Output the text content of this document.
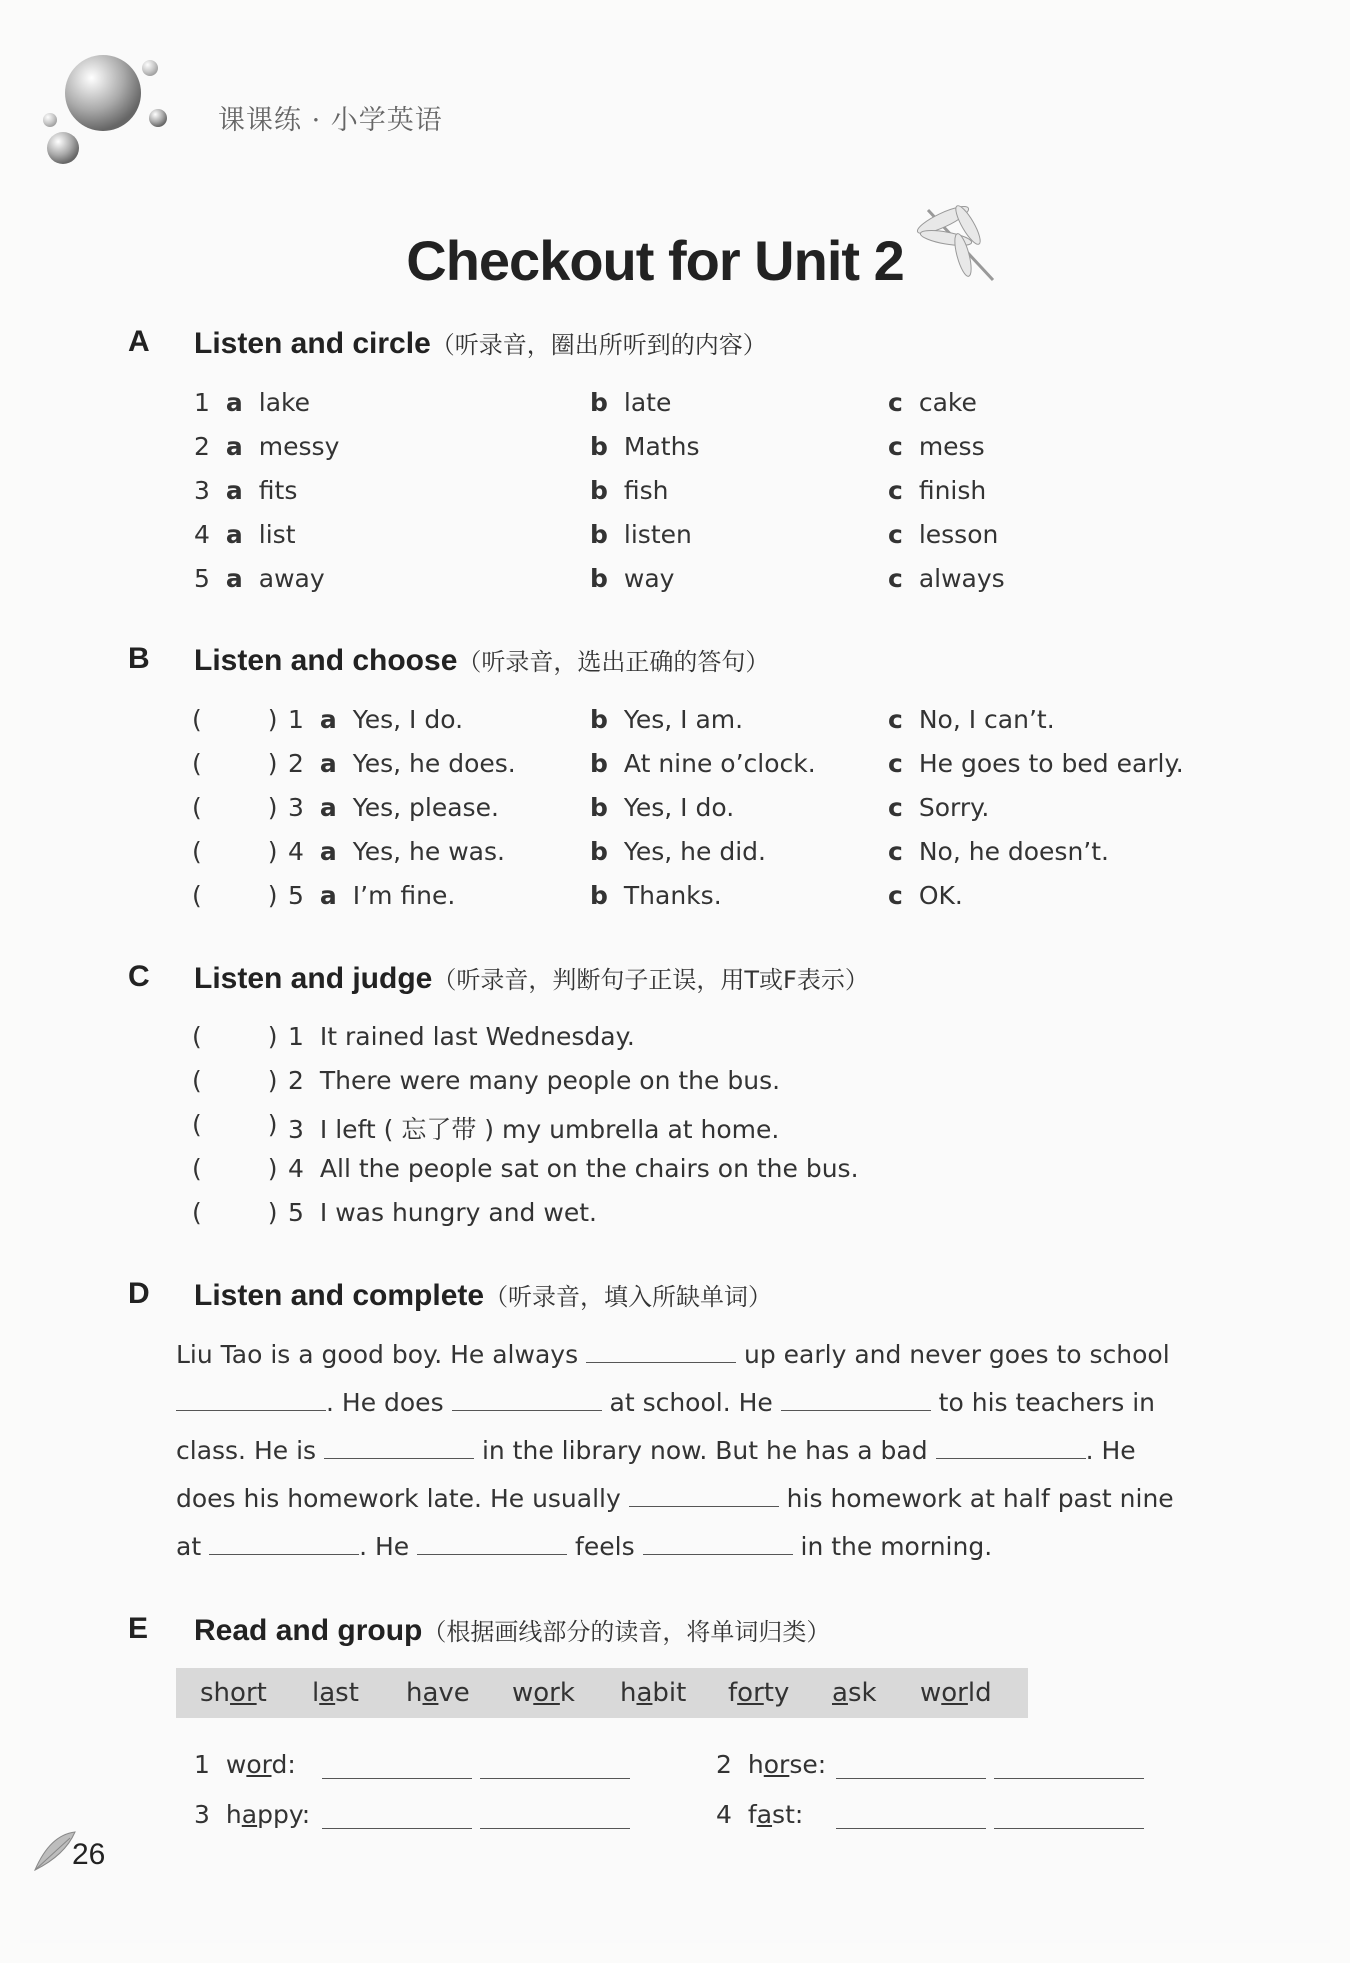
课课练 · 小学英语
Checkout for Unit 2
A Listen and circle（听录音，圈出所听到的内容）
1 a lake	b late	c cake
2 a messy	b Maths	c mess
3 a fits	b fish	c finish
4 a list	b listen	c lesson
5 a away	b way	c always
B Listen and choose（听录音，选出正确的答句）
(	) 1 a Yes, I do.	b Yes, I am.	c No, I can’t.
(	) 2 a Yes, he does.	b At nine o’clock.	c He goes to bed early.
(	) 3 a Yes, please.	b Yes, I do.	c Sorry.
(	) 4 a Yes, he was.	b Yes, he did.	c No, he doesn’t.
(	) 5 a I’m fine.	b Thanks.	c OK.
C Listen and judge（听录音，判断句子正误，用T或F表示）
(	) 1 It rained last Wednesday.
(	) 2 There were many people on the bus.
(	) 3 I left ( 忘了带 ) my umbrella at home.
(	) 4 All the people sat on the chairs on the bus.
(	) 5 I was hungry and wet.
D Listen and complete（听录音，填入所缺单词）
Liu Tao is a good boy. He always	up early and never goes to school
. He does	at school. He	to his teachers in
class. He is	in the library now. But he has a bad	. He
does his homework late. He usually	his homework at half past nine
at	. He	feels	in the morning.
E Read and group（根据画线部分的读音，将单词归类）
short last have work habit forty ask world
1 word:	2 horse:
3 happy:	4 fast:
26
